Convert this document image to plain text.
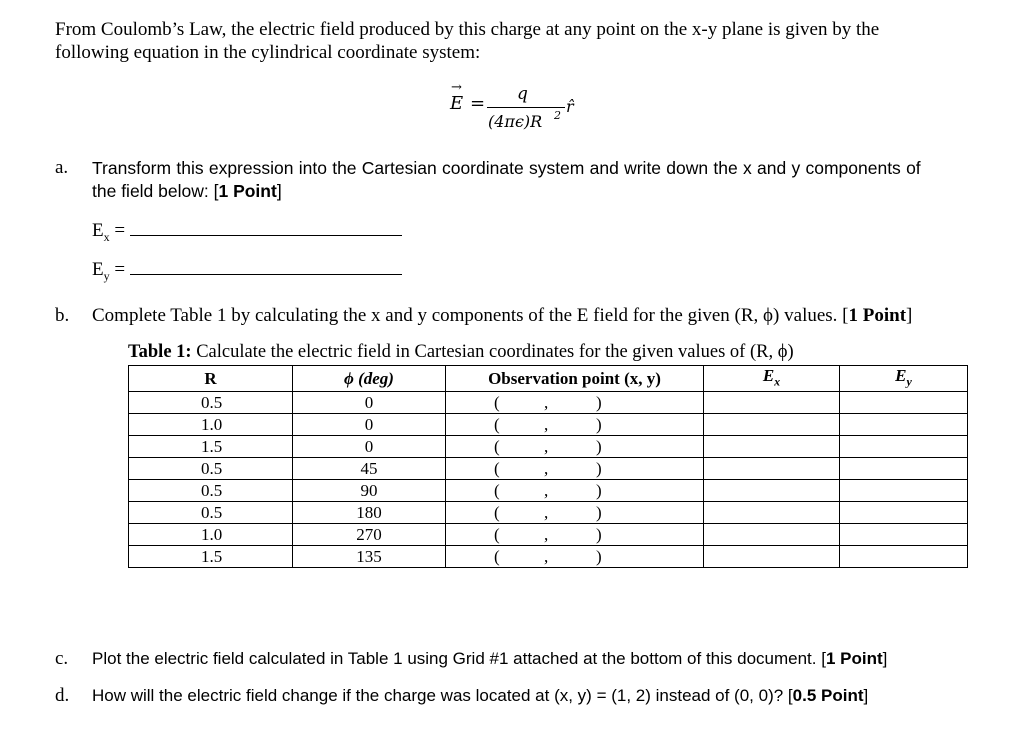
From Coulomb’s Law, the electric field produced by this charge at any point on the x-y plane is given by the
following equation in the cylindrical coordinate system:
E
→
= q
(4πϵ)R 2 r̂
a. Transform this expression into the Cartesian coordinate system and write down the x and y components of
the field below: [1 Point]
$E_x$ =
$E_y$ =
b. Complete Table 1 by calculating the x and y components of the E field for the given (R, ϕ) values. [1 Point]
Table 1: Calculate the electric field in Cartesian coordinates for the given values of (R, ϕ)
R	ϕ (deg)	Observation point (x, y)	$E_x$	$E_y$
0.5	0	( , )		

1.0	0	( , )		

1.5	0	( , )		

0.5	45	( , )		

0.5	90	( , )		

0.5	180	( , )		

1.0	270	( , )		

1.5	135	( , )		

c. Plot the electric field calculated in Table 1 using Grid #1 attached at the bottom of this document. [1 Point]
d. How will the electric field change if the charge was located at (x, y) = (1, 2) instead of (0, 0)? [0.5 Point]
